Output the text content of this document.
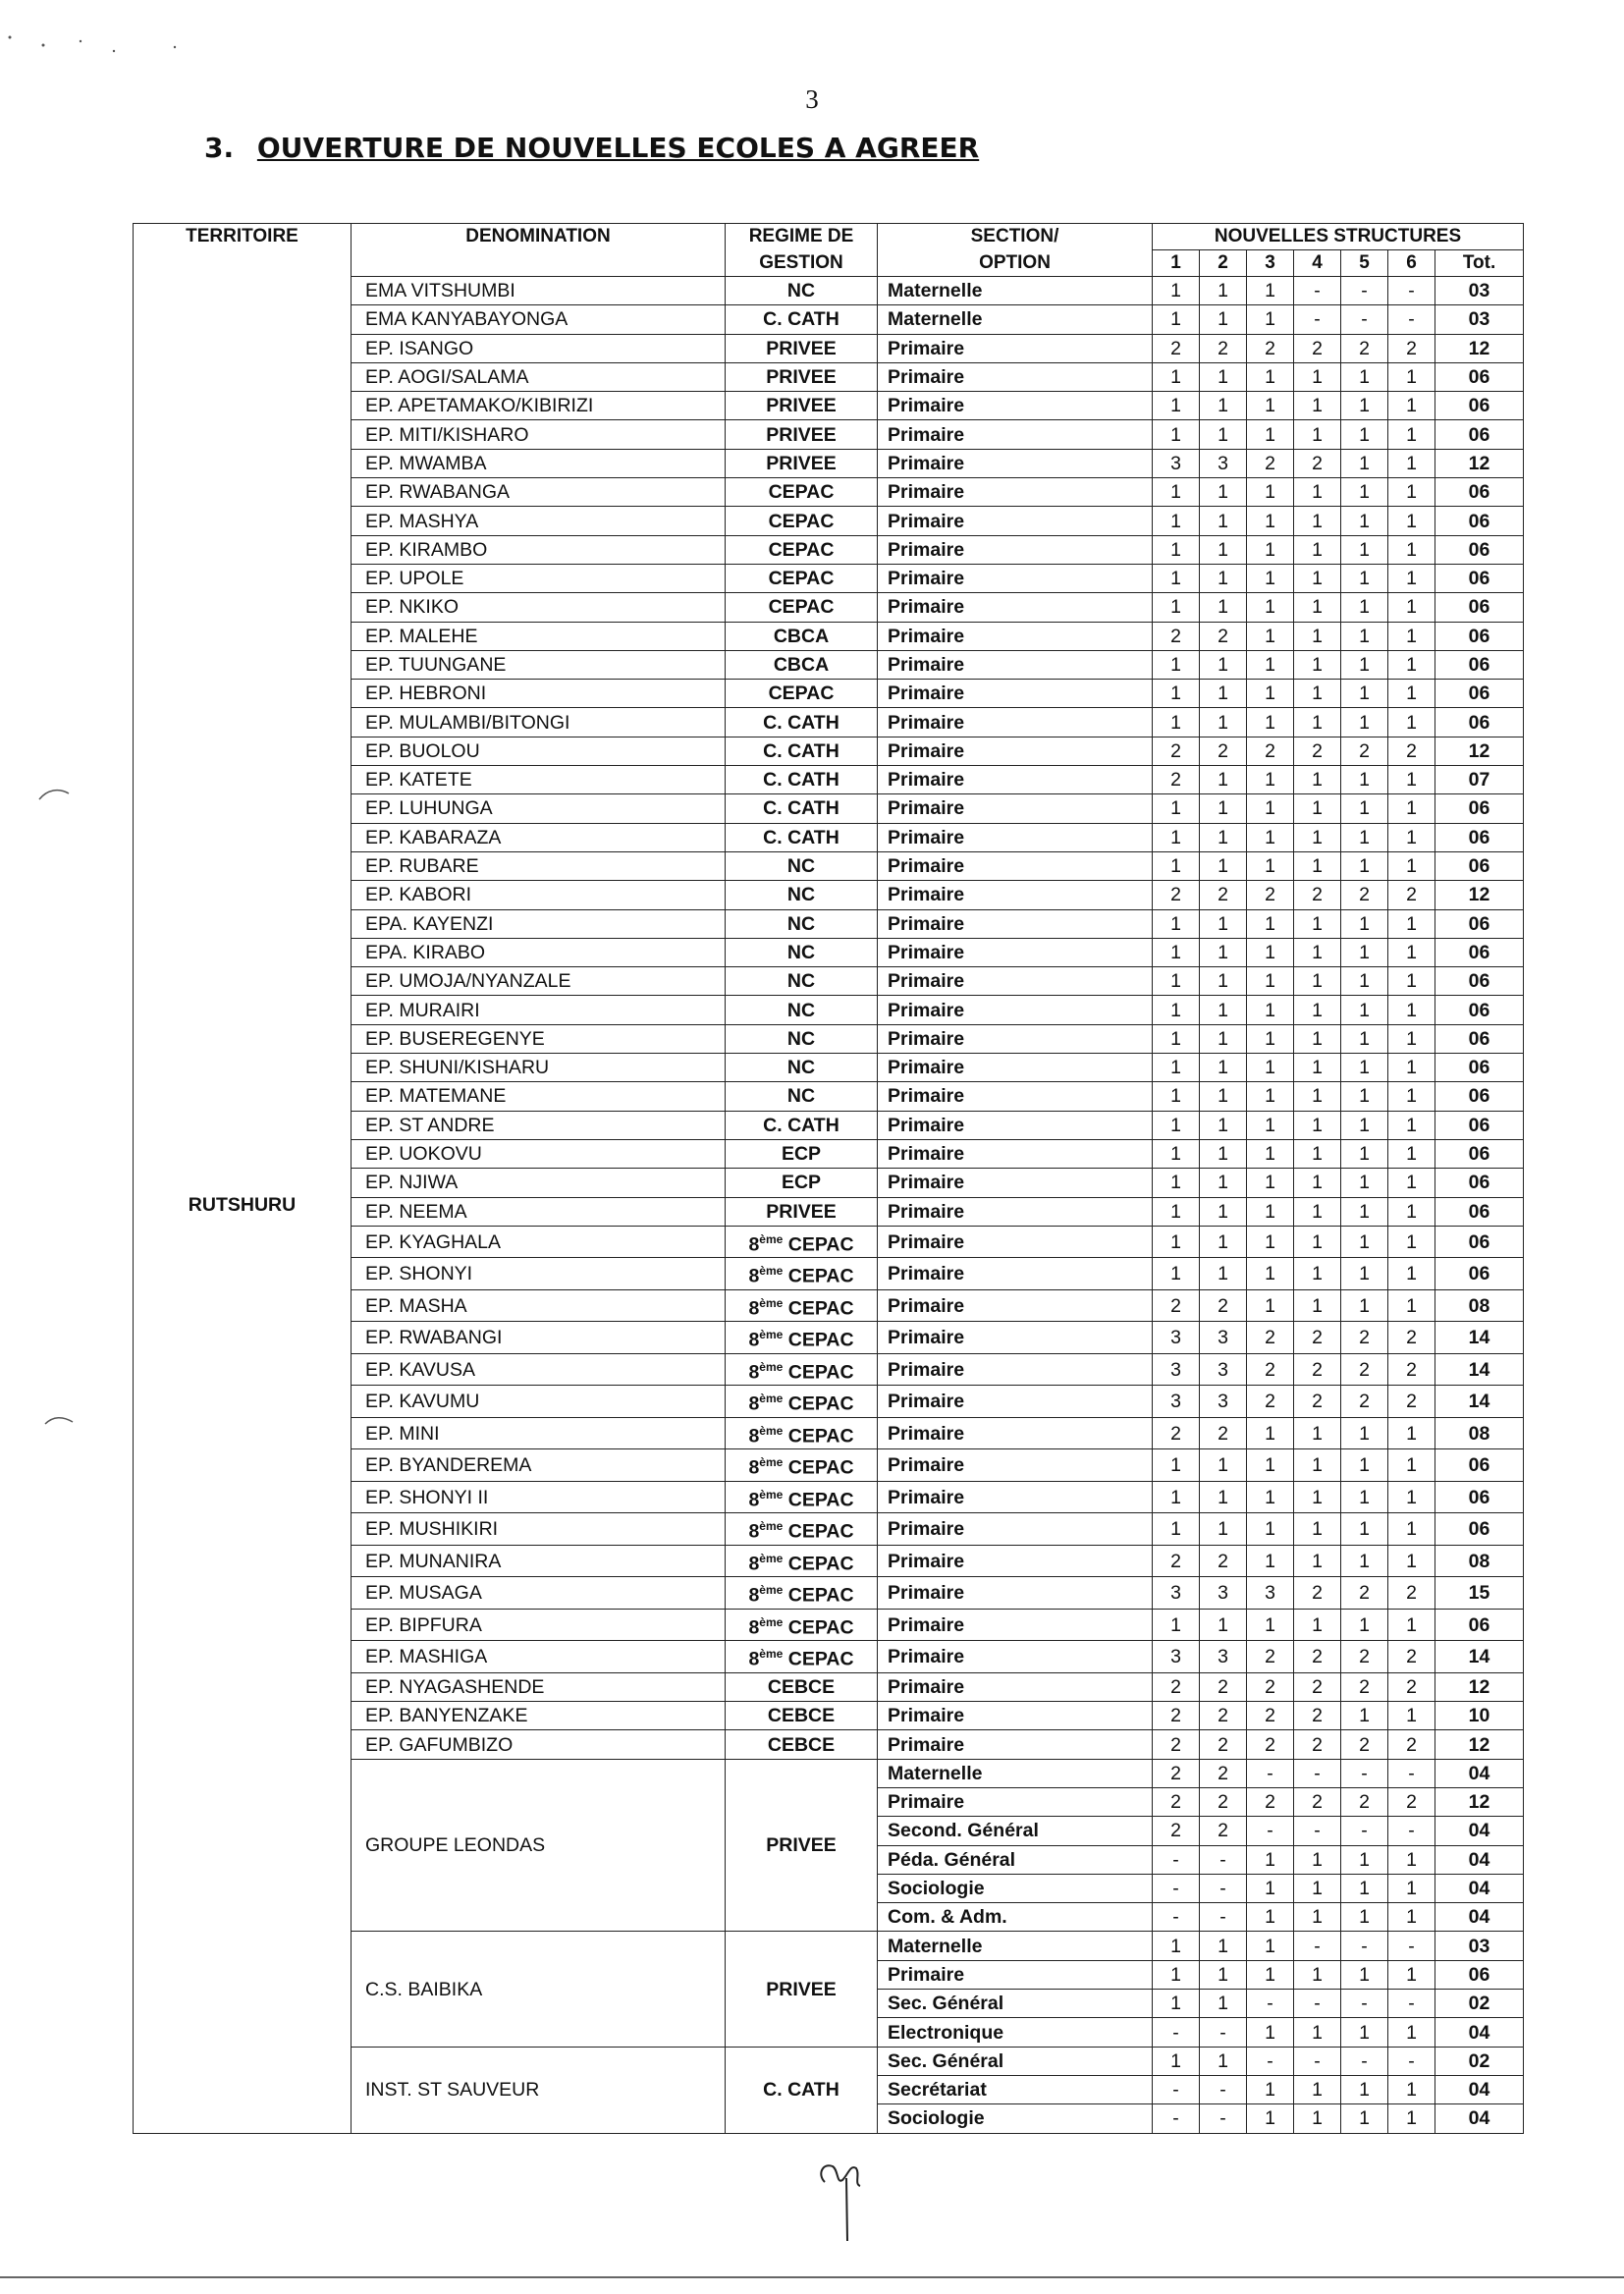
3
3. OUVERTURE DE NOUVELLES ECOLES A AGREER
TERRITOIRE	DENOMINATION	REGIME DE	SECTION/	NOUVELLES STRUCTURES						
		GESTION	OPTION	1	2	3	4	5	6	Tot.
RUTSHURU	EMA VITSHUMBI	NC	Maternelle	1	1	1	-	-	-	03
	EMA KANYABAYONGA	C. CATH	Maternelle	1	1	1	-	-	-	03
	EP. ISANGO	PRIVEE	Primaire	2	2	2	2	2	2	12
	EP. AOGI/SALAMA	PRIVEE	Primaire	1	1	1	1	1	1	06
	EP. APETAMAKO/KIBIRIZI	PRIVEE	Primaire	1	1	1	1	1	1	06
	EP. MITI/KISHARO	PRIVEE	Primaire	1	1	1	1	1	1	06
	EP. MWAMBA	PRIVEE	Primaire	3	3	2	2	1	1	12
	EP. RWABANGA	CEPAC	Primaire	1	1	1	1	1	1	06
	EP. MASHYA	CEPAC	Primaire	1	1	1	1	1	1	06
	EP. KIRAMBO	CEPAC	Primaire	1	1	1	1	1	1	06
	EP. UPOLE	CEPAC	Primaire	1	1	1	1	1	1	06
	EP. NKIKO	CEPAC	Primaire	1	1	1	1	1	1	06
	EP. MALEHE	CBCA	Primaire	2	2	1	1	1	1	06
	EP. TUUNGANE	CBCA	Primaire	1	1	1	1	1	1	06
	EP. HEBRONI	CEPAC	Primaire	1	1	1	1	1	1	06
	EP. MULAMBI/BITONGI	C. CATH	Primaire	1	1	1	1	1	1	06
	EP. BUOLOU	C. CATH	Primaire	2	2	2	2	2	2	12
	EP. KATETE	C. CATH	Primaire	2	1	1	1	1	1	07
	EP. LUHUNGA	C. CATH	Primaire	1	1	1	1	1	1	06
	EP. KABARAZA	C. CATH	Primaire	1	1	1	1	1	1	06
	EP. RUBARE	NC	Primaire	1	1	1	1	1	1	06
	EP. KABORI	NC	Primaire	2	2	2	2	2	2	12
	EPA. KAYENZI	NC	Primaire	1	1	1	1	1	1	06
	EPA. KIRABO	NC	Primaire	1	1	1	1	1	1	06
	EP. UMOJA/NYANZALE	NC	Primaire	1	1	1	1	1	1	06
	EP. MURAIRI	NC	Primaire	1	1	1	1	1	1	06
	EP. BUSEREGENYE	NC	Primaire	1	1	1	1	1	1	06
	EP. SHUNI/KISHARU	NC	Primaire	1	1	1	1	1	1	06
	EP. MATEMANE	NC	Primaire	1	1	1	1	1	1	06
	EP. ST ANDRE	C. CATH	Primaire	1	1	1	1	1	1	06
	EP. UOKOVU	ECP	Primaire	1	1	1	1	1	1	06
	EP. NJIWA	ECP	Primaire	1	1	1	1	1	1	06
	EP. NEEMA	PRIVEE	Primaire	1	1	1	1	1	1	06
	EP. KYAGHALA	8ème CEPAC	Primaire	1	1	1	1	1	1	06
	EP. SHONYI	8ème CEPAC	Primaire	1	1	1	1	1	1	06
	EP. MASHA	8ème CEPAC	Primaire	2	2	1	1	1	1	08
	EP. RWABANGI	8ème CEPAC	Primaire	3	3	2	2	2	2	14
	EP. KAVUSA	8ème CEPAC	Primaire	3	3	2	2	2	2	14
	EP. KAVUMU	8ème CEPAC	Primaire	3	3	2	2	2	2	14
	EP. MINI	8ème CEPAC	Primaire	2	2	1	1	1	1	08
	EP. BYANDEREMA	8ème CEPAC	Primaire	1	1	1	1	1	1	06
	EP. SHONYI II	8ème CEPAC	Primaire	1	1	1	1	1	1	06
	EP. MUSHIKIRI	8ème CEPAC	Primaire	1	1	1	1	1	1	06
	EP. MUNANIRA	8ème CEPAC	Primaire	2	2	1	1	1	1	08
	EP. MUSAGA	8ème CEPAC	Primaire	3	3	3	2	2	2	15
	EP. BIPFURA	8ème CEPAC	Primaire	1	1	1	1	1	1	06
	EP. MASHIGA	8ème CEPAC	Primaire	3	3	2	2	2	2	14
	EP. NYAGASHENDE	CEBCE	Primaire	2	2	2	2	2	2	12
	EP. BANYENZAKE	CEBCE	Primaire	2	2	2	2	1	1	10
	EP. GAFUMBIZO	CEBCE	Primaire	2	2	2	2	2	2	12
	GROUPE LEONDAS	PRIVEE	Maternelle	2	2	-	-	-	-	04
			Primaire	2	2	2	2	2	2	12
			Second. Général	2	2	-	-	-	-	04
			Péda. Général	-	-	1	1	1	1	04
			Sociologie	-	-	1	1	1	1	04
			Com. & Adm.	-	-	1	1	1	1	04
	C.S. BAIBIKA	PRIVEE	Maternelle	1	1	1	-	-	-	03
			Primaire	1	1	1	1	1	1	06
			Sec. Général	1	1	-	-	-	-	02
			Electronique	-	-	1	1	1	1	04
	INST. ST SAUVEUR	C. CATH	Sec. Général	1	1	-	-	-	-	02
			Secrétariat	-	-	1	1	1	1	04
			Sociologie	-	-	1	1	1	1	04
